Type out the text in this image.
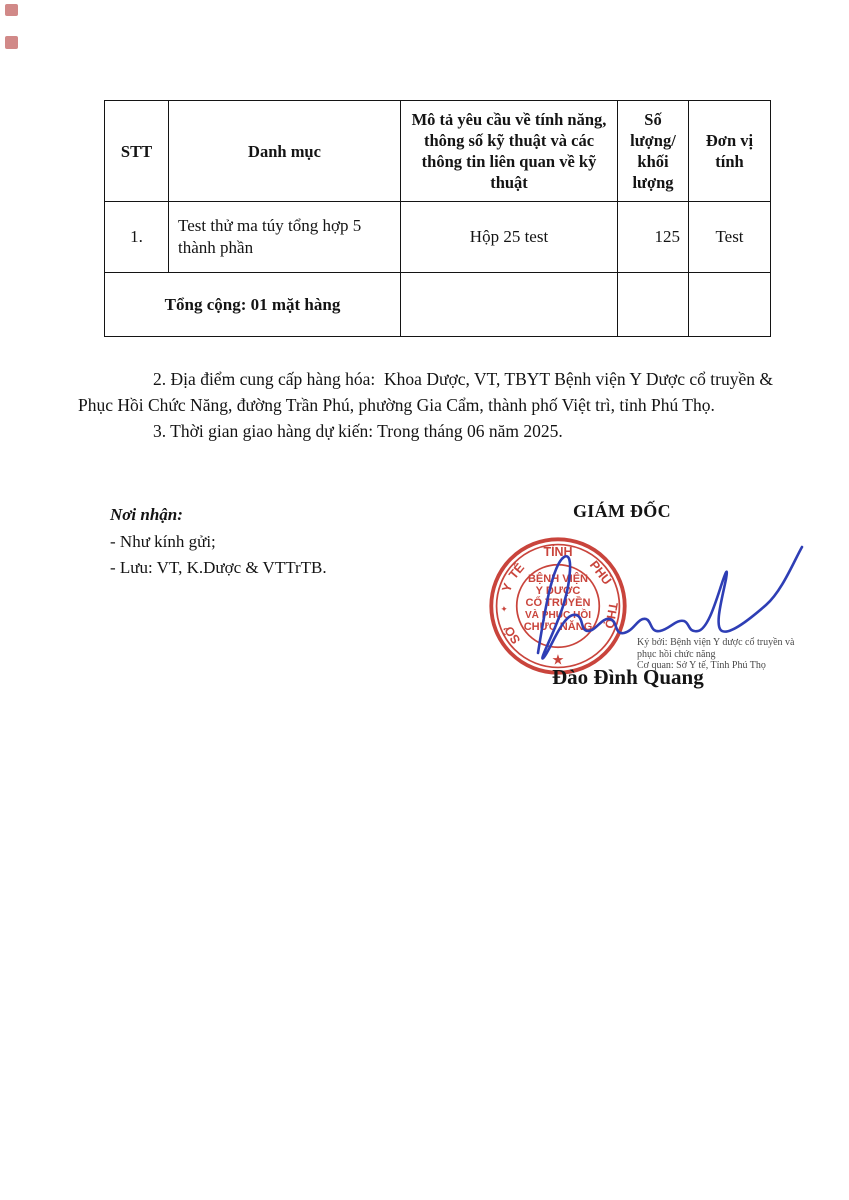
STT	Danh mục	Mô tả yêu cầu về tính năng, thông số kỹ thuật và các thông tin liên quan về kỹ thuật	Số lượng/ khối lượng	Đơn vị tính
1.	Test thử ma túy tổng hợp 5 thành phần	Hộp 25 test	125	Test
Tổng cộng: 01 mặt hàng				

2. Địa điểm cung cấp hàng hóa:  Khoa Dược, VT, TBYT Bệnh viện Y Dược cổ truyền & Phục Hồi Chức Năng, đường Trần Phú, phường Gia Cẩm, thành phố Việt trì, tỉnh Phú Thọ.

3. Thời gian giao hàng dự kiến: Trong tháng 06 năm 2025.

Nơi nhận:
- Như kính gửi;
- Lưu: VT, K.Dược & VTTrTB.
GIÁM ĐỐC
SỞ
✦
Y
TẾ
TỈNH
PHÚ
THỌ
★
BỆNH VIỆN
Y DƯỢC
CỔ TRUYỀN
VÀ PHỤC HỒI
CHỨC NĂNG
Ký bởi: Bệnh viện Y dược cổ truyền và
phục hồi chức năng
Cơ quan: Sở Y tế, Tỉnh Phú Thọ
Đào Đình Quang
